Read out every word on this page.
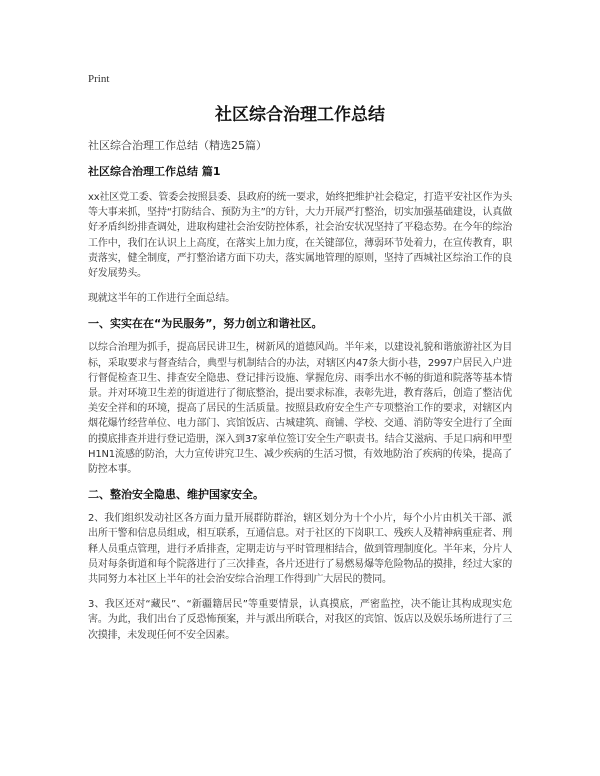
Print
社区综合治理工作总结
社区综合治理工作总结（精选25篇）
社区综合治理工作总结 篇1

xx社区党工委、管委会按照县委、县政府的统一要求，始终把维护社会稳定，打造平安社区作为头等大事来抓，坚持“打防结合、预防为主”的方针，大力开展严打整治，切实加强基础建设，认真做好矛盾纠纷排查调处，进取构建社会治安防控体系，社会治安状况坚持了平稳态势。在今年的综治工作中，我们在认识上上高度，在落实上加力度，在关键部位，薄弱环节处着力，在宣传教育，职责落实，健全制度，严打整治诸方面下功夫，落实属地管理的原则，坚持了西城社区综治工作的良好发展势头。

现就这半年的工作进行全面总结。

一、实实在在“为民服务”，努力创立和谐社区。

以综合治理为抓手，提高居民讲卫生，树新风的道德风尚。半年来，以建设礼貌和谐旅游社区为目标，采取要求与督查结合，典型与机制结合的办法，对辖区内47条大街小巷，2997户居民入户进行督促检查卫生、排查安全隐患、登记排污设施、掌握危房、雨季出水不畅的街道和院落等基本情景。并对环境卫生差的街道进行了彻底整治，提出要求标准，表彰先进，教育落后，创造了整洁优美安全祥和的环境，提高了居民的生活质量。按照县政府安全生产专项整治工作的要求，对辖区内烟花爆竹经营单位、电力部门、宾馆饭店、古城建筑、商铺、学校、交通、消防等安全进行了全面的摸底排查并进行登记造册，深入到37家单位签订安全生产职责书。结合艾滋病、手足口病和甲型H1N1流感的防治，大力宣传讲究卫生、减少疾病的生活习惯，有效地防治了疾病的传染，提高了防控本事。

二、整治安全隐患、维护国家安全。

2、我们组织发动社区各方面力量开展群防群治，辖区划分为十个小片，每个小片由机关干部、派出所干警和信息员组成，相互联系，互通信息。对于社区的下岗职工、残疾人及精神病重症者、刑释人员重点管理，进行矛盾排查，定期走访与平时管理相结合，做到管理制度化。半年来，分片人员对每条街道和每个院落进行了三次排查，各片还进行了易燃易爆等危险物品的摸排，经过大家的共同努力本社区上半年的社会治安综合治理工作得到广大居民的赞同。

3、我区还对“藏民”、“新疆籍居民”等重要情景，认真摸底，严密监控，决不能让其构成现实危害。为此，我们出台了反恐怖预案，并与派出所联合，对我区的宾馆、饭店以及娱乐场所进行了三次摸排，未发现任何不安全因素。
